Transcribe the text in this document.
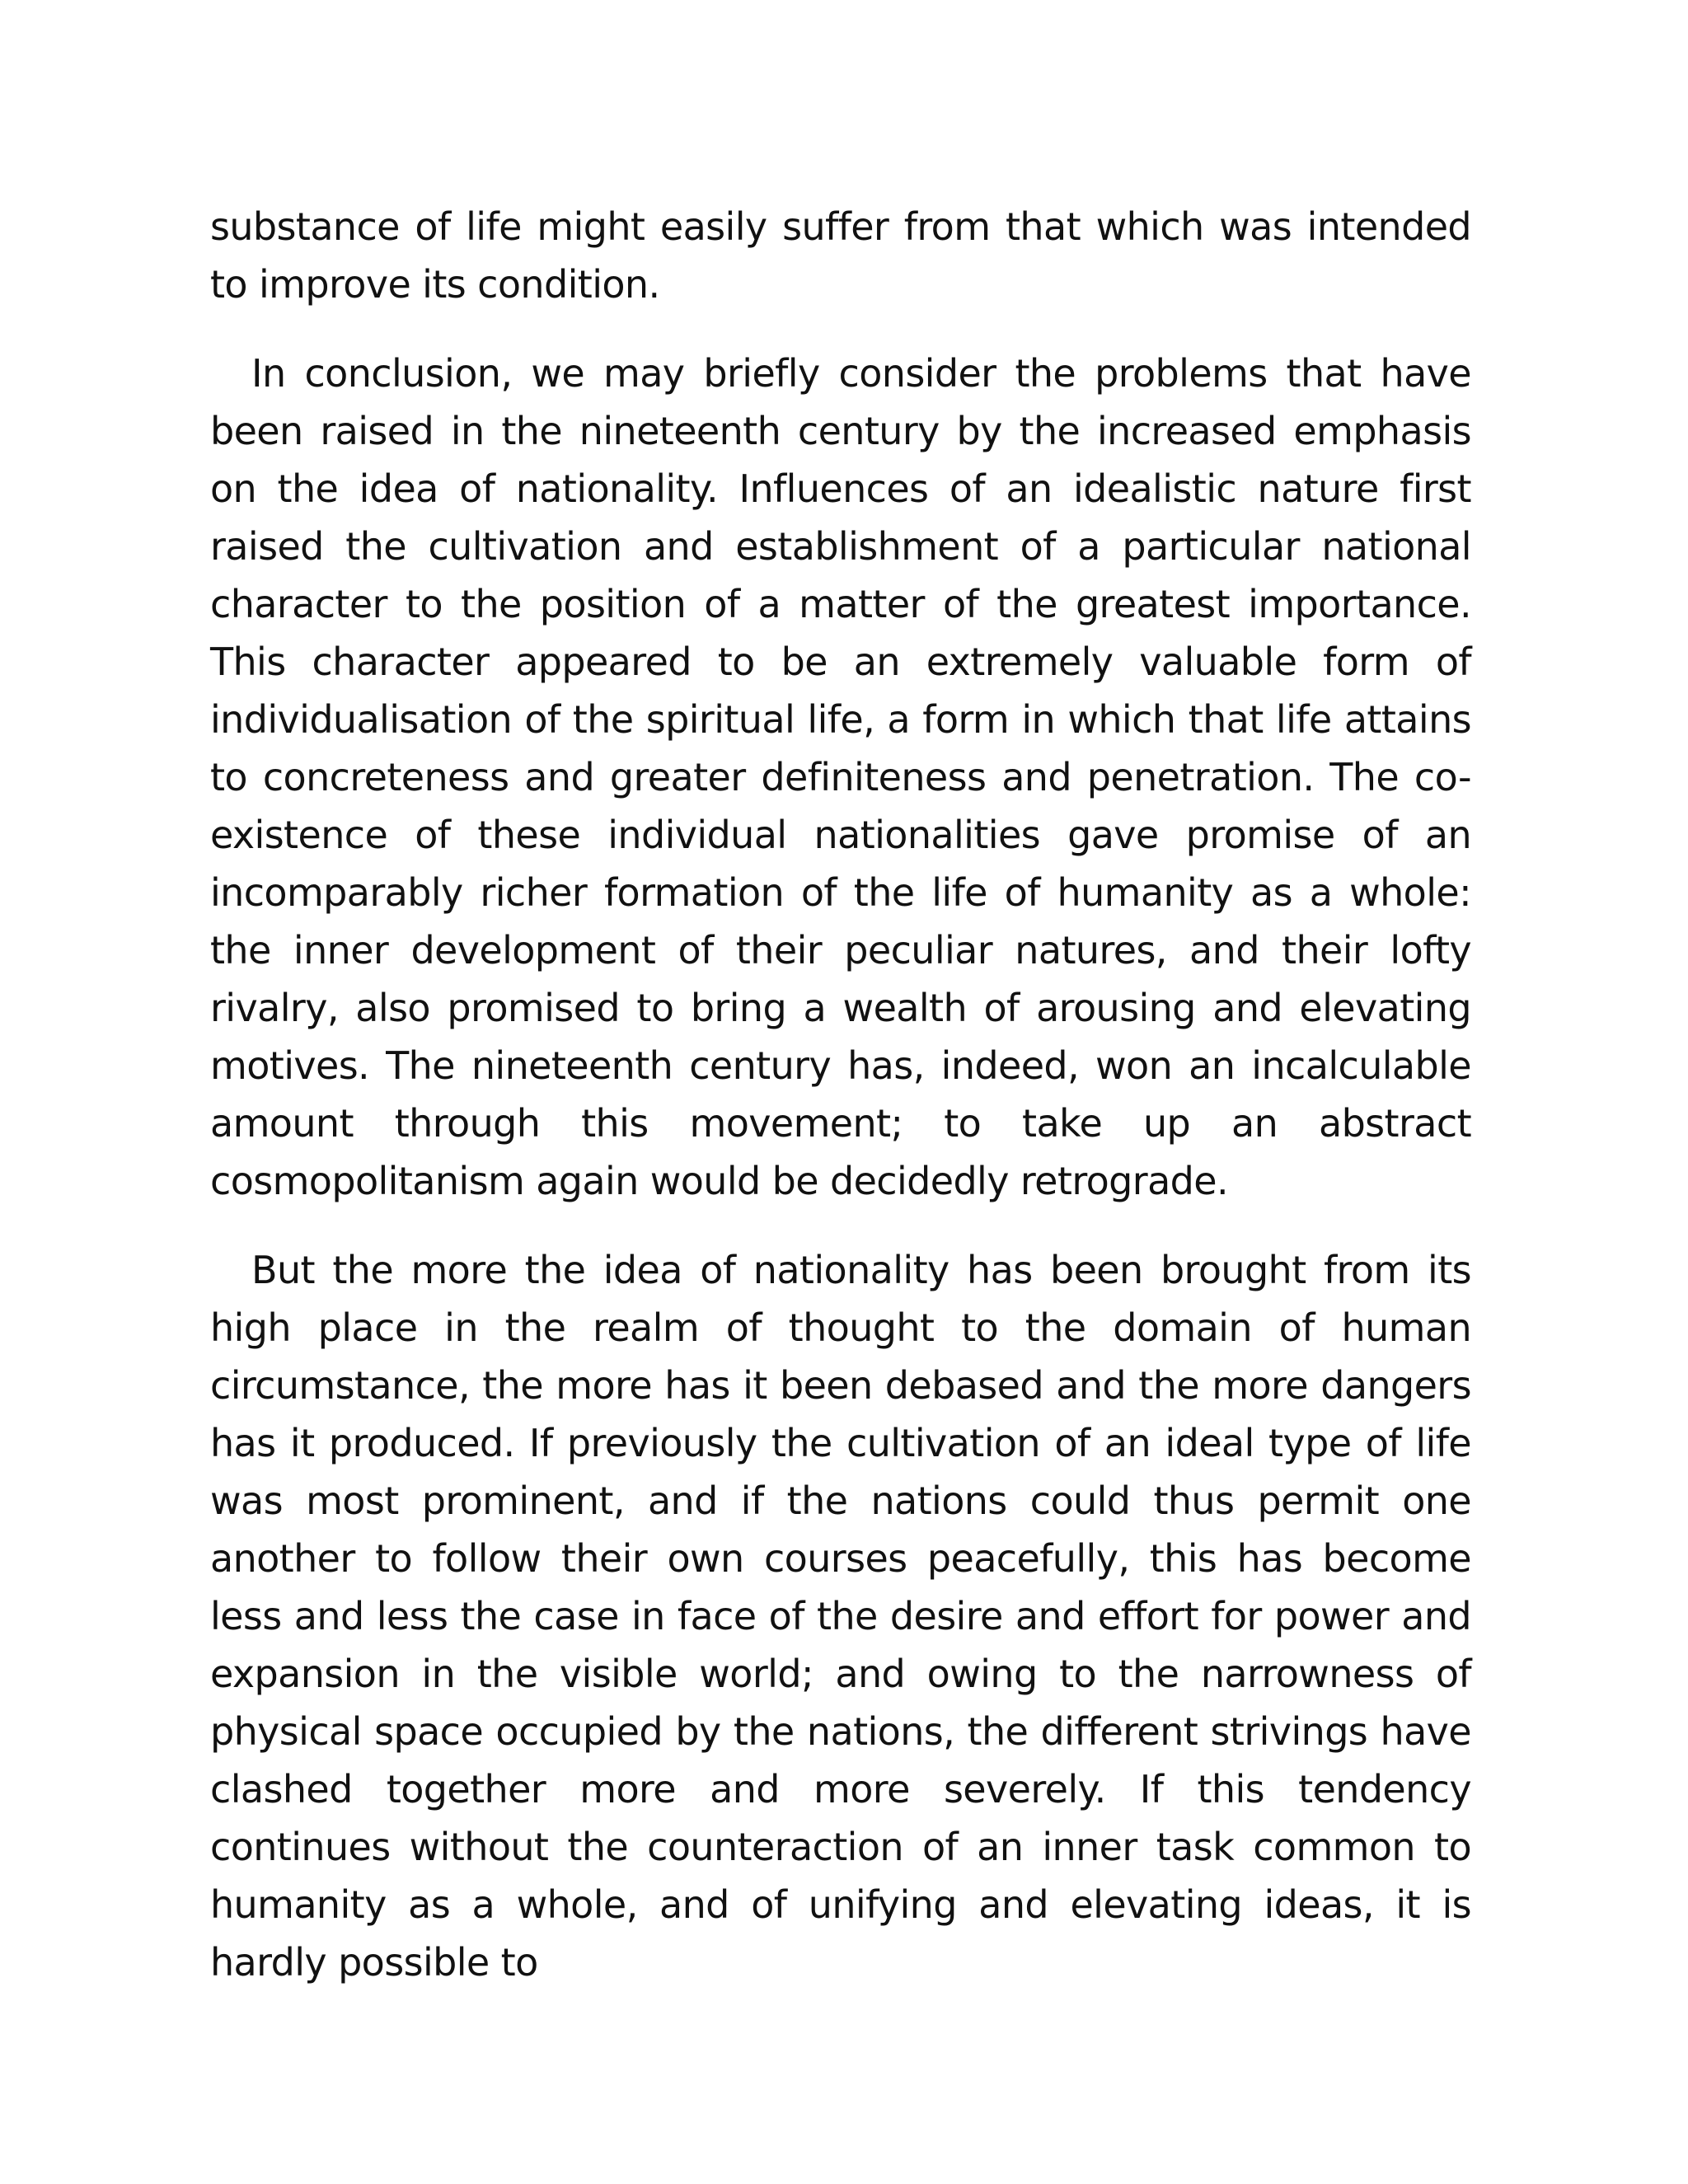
substance of life might easily suffer from that which was intended to improve its condition.

In conclusion, we may briefly consider the problems that have been raised in the nineteenth century by the increased emphasis on the idea of nationality. Influences of an idealistic nature first raised the cultivation and establishment of a particular national character to the position of a matter of the greatest importance. This character appeared to be an extremely valuable form of individualisation of the spiritual life, a form in which that life attains to concreteness and greater definiteness and penetration. The co-existence of these individual nationalities gave promise of an incomparably richer formation of the life of humanity as a whole: the inner development of their peculiar natures, and their lofty rivalry, also promised to bring a wealth of arousing and elevating motives. The nineteenth century has, indeed, won an incalculable amount through this movement; to take up an abstract cosmopolitanism again would be decidedly retrograde.

But the more the idea of nationality has been brought from its high place in the realm of thought to the domain of human circumstance, the more has it been debased and the more dangers has it produced. If previously the cultivation of an ideal type of life was most prominent, and if the nations could thus permit one another to follow their own courses peacefully, this has become less and less the case in face of the desire and effort for power and expansion in the visible world; and owing to the narrowness of physical space occupied by the nations, the different strivings have clashed together more and more severely. If this tendency continues without the counteraction of an inner task common to humanity as a whole, and of unifying and elevating ideas, it is hardly possible to
